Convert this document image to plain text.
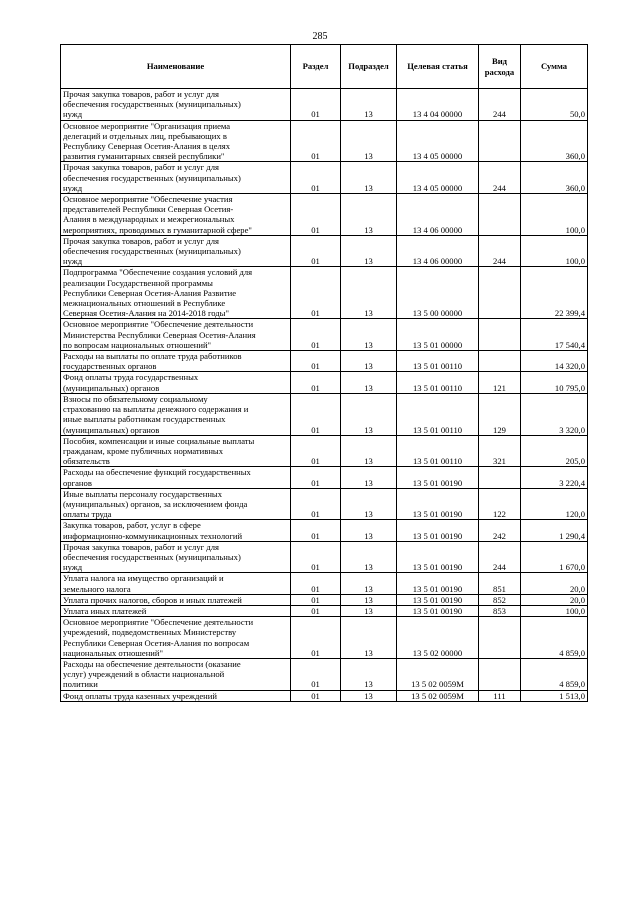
285
Наименование	Раздел	Подраздел	Целевая статья	Вид расхода	Сумма
Прочая закупка товаров, работ и услуг для
обеспечения государственных (муниципальных)
нужд	01	13	13 4 04 00000	244	50,0
Основное мероприятие "Организация приема
делегаций и отдельных лиц, пребывающих в
Республику Северная Осетия-Алания в целях
развития гуманитарных связей республики"	01	13	13 4 05 00000		360,0
Прочая закупка товаров, работ и услуг для
обеспечения государственных (муниципальных)
нужд	01	13	13 4 05 00000	244	360,0
Основное мероприятие "Обеспечение участия
представителей Республики Северная Осетия-
Алания в международных и межрегиональных
мероприятиях, проводимых в гуманитарной сфере"	01	13	13 4 06 00000		100,0
Прочая закупка товаров, работ и услуг для
обеспечения государственных (муниципальных)
нужд	01	13	13 4 06 00000	244	100,0
Подпрограмма "Обеспечение создания условий для
реализации Государственной программы
Республики Северная Осетия-Алания Развитие
межнациональных отношений в Республике
Северная Осетия-Алания на 2014-2018 годы"	01	13	13 5 00 00000		22 399,4
Основное мероприятие "Обеспечение деятельности
Министерства Республики Северная Осетия-Алания
по вопросам национальных отношений"	01	13	13 5 01 00000		17 540,4
Расходы на выплаты по оплате труда работников
государственных органов	01	13	13 5 01 00110		14 320,0
Фонд оплаты труда государственных
(муниципальных) органов	01	13	13 5 01 00110	121	10 795,0
Взносы по обязательному социальному
страхованию на выплаты денежного содержания и
иные выплаты работникам государственных
(муниципальных) органов	01	13	13 5 01 00110	129	3 320,0
Пособия, компенсации и иные социальные выплаты
гражданам, кроме публичных нормативных
обязательств	01	13	13 5 01 00110	321	205,0
Расходы на обеспечение функций государственных
органов	01	13	13 5 01 00190		3 220,4
Иные выплаты персоналу государственных
(муниципальных) органов, за исключением фонда
оплаты труда	01	13	13 5 01 00190	122	120,0
Закупка товаров, работ, услуг в сфере
информационно-коммуникационных технологий	01	13	13 5 01 00190	242	1 290,4
Прочая закупка товаров, работ и услуг для
обеспечения государственных (муниципальных)
нужд	01	13	13 5 01 00190	244	1 670,0
Уплата налога на имущество организаций и
земельного налога	01	13	13 5 01 00190	851	20,0
Уплата прочих налогов, сборов и иных платежей	01	13	13 5 01 00190	852	20,0
Уплата иных платежей	01	13	13 5 01 00190	853	100,0
Основное мероприятие "Обеспечение деятельности
учреждений, подведомственных Министерству
Республики Северная Осетия-Алания по вопросам
национальных отношений"	01	13	13 5 02 00000		4 859,0
Расходы на обеспечение деятельности (оказание
услуг) учреждений в области национальной
политики	01	13	13 5 02 0059М		4 859,0
Фонд оплаты труда казенных учреждений	01	13	13 5 02 0059М	111	1 513,0
